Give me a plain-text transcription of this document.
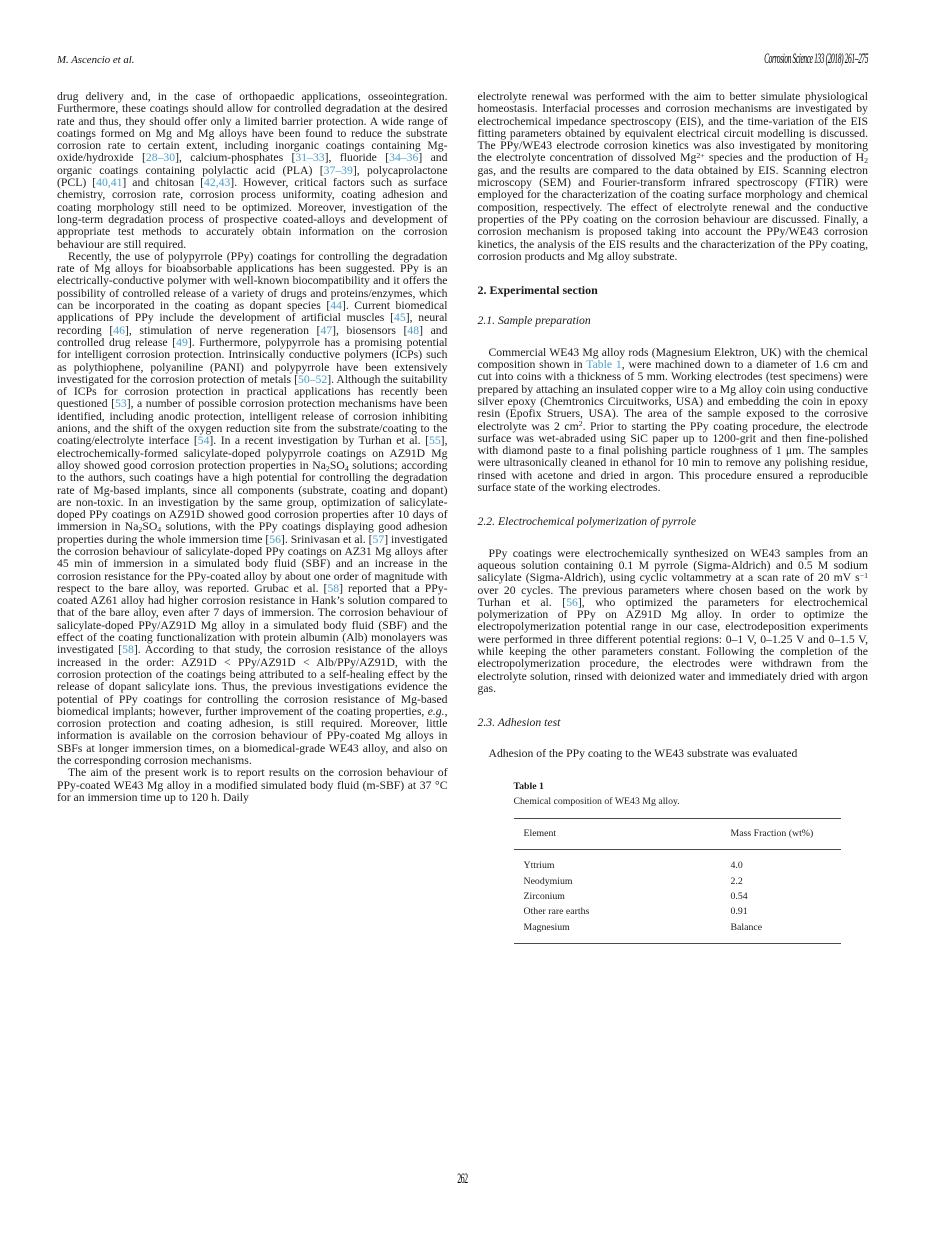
M. Ascencio et al.	Corrosion Science 133 (2018) 261–275

drug delivery and, in the case of orthopaedic applications, osseointegration. Furthermore, these coatings should allow for controlled degradation at the desired rate and thus, they should offer only a limited barrier protection. A wide range of coatings formed on Mg and Mg alloys have been found to reduce the substrate corrosion rate to certain extent, including inorganic coatings containing Mg-oxide/hydroxide [28–30], calcium-phosphates [31–33], fluoride [34–36] and organic coatings containing polylactic acid (PLA) [37–39], polycaprolactone (PCL) [40,41] and chitosan [42,43]. However, critical factors such as surface chemistry, corrosion rate, corrosion process uniformity, coating adhesion and coating morphology still need to be optimized. Moreover, investigation of the long-term degradation process of prospective coated-alloys and development of appropriate test methods to accurately obtain information on the corrosion behaviour are still required.

Recently, the use of polypyrrole (PPy) coatings for controlling the degradation rate of Mg alloys for bioabsorbable applications has been suggested. PPy is an electrically-conductive polymer with well-known biocompatibility and it offers the possibility of controlled release of a variety of drugs and proteins/enzymes, which can be incorporated in the coating as dopant species [44]. Current biomedical applications of PPy include the development of artificial muscles [45], neural recording [46], stimulation of nerve regeneration [47], biosensors [48] and controlled drug release [49]. Furthermore, polypyrrole has a promising potential for intelligent corrosion protection. Intrinsically conductive polymers (ICPs) such as polythiophene, polyaniline (PANI) and polypyrrole have been extensively investigated for the corrosion protection of metals [50–52]. Although the suitability of ICPs for corrosion protection in practical applications has recently been questioned [53], a number of possible corrosion protection mechanisms have been identified, including anodic protection, intelligent release of corrosion inhibiting anions, and the shift of the oxygen reduction site from the substrate/coating to the coating/electrolyte interface [54]. In a recent investigation by Turhan et al. [55], electrochemically-formed salicylate-doped polypyrrole coatings on AZ91D Mg alloy showed good corrosion protection properties in $Na_2SO_4$ solutions; according to the authors, such coatings have a high potential for controlling the degradation rate of Mg-based implants, since all components (substrate, coating and dopant) are non-toxic. In an investigation by the same group, optimization of salicylate-doped PPy coatings on AZ91D showed good corrosion properties after 10 days of immersion in $Na_2SO_4$ solutions, with the PPy coatings displaying good adhesion properties during the whole immersion time [56]. Srinivasan et al. [57] investigated the corrosion behaviour of salicylate-doped PPy coatings on AZ31 Mg alloys after 45 min of immersion in a simulated body fluid (SBF) and an increase in the corrosion resistance for the PPy-coated alloy by about one order of magnitude with respect to the bare alloy, was reported. Grubac et al. [58] reported that a PPy-coated AZ61 alloy had higher corrosion resistance in Hank’s solution compared to that of the bare alloy, even after 7 days of immersion. The corrosion behaviour of salicylate-doped PPy/AZ91D Mg alloy in a simulated body fluid (SBF) and the effect of the coating functionalization with protein albumin (Alb) monolayers was investigated [58]. According to that study, the corrosion resistance of the alloys increased in the order: AZ91D < PPy/AZ91D < Alb/PPy/AZ91D, with the corrosion protection of the coatings being attributed to a self-healing effect by the release of dopant salicylate ions. Thus, the previous investigations evidence the potential of PPy coatings for controlling the corrosion resistance of Mg-based biomedical implants; however, further improvement of the coating properties, e.g., corrosion protection and coating adhesion, is still required. Moreover, little information is available on the corrosion behaviour of PPy-coated Mg alloys in SBFs at longer immersion times, on a biomedical-grade WE43 alloy, and also on the corresponding corrosion mechanisms.

The aim of the present work is to report results on the corrosion behaviour of PPy-coated WE43 Mg alloy in a modified simulated body fluid (m-SBF) at 37 °C for an immersion time up to 120 h. Daily

electrolyte renewal was performed with the aim to better simulate physiological homeostasis. Interfacial processes and corrosion mechanisms are investigated by electrochemical impedance spectroscopy (EIS), and the time-variation of the EIS fitting parameters obtained by equivalent electrical circuit modelling is discussed. The PPy/WE43 electrode corrosion kinetics was also investigated by monitoring the electrolyte concentration of dissolved $Mg^{2+}$ species and the production of $H_2$ gas, and the results are compared to the data obtained by EIS. Scanning electron microscopy (SEM) and Fourier-transform infrared spectroscopy (FTIR) were employed for the characterization of the coating surface morphology and chemical composition, respectively. The effect of electrolyte renewal and the conductive properties of the PPy coating on the corrosion behaviour are discussed. Finally, a corrosion mechanism is proposed taking into account the PPy/WE43 corrosion kinetics, the analysis of the EIS results and the characterization of the PPy coating, corrosion products and Mg alloy substrate.

2. Experimental section
2.1. Sample preparation

Commercial WE43 Mg alloy rods (Magnesium Elektron, UK) with the chemical composition shown in Table 1, were machined down to a diameter of 1.6 cm and cut into coins with a thickness of 5 mm. Working electrodes (test specimens) were prepared by attaching an insulated copper wire to a Mg alloy coin using conductive silver epoxy (Chemtronics Circuitworks, USA) and embedding the coin in epoxy resin (Epofix Struers, USA). The area of the sample exposed to the corrosive electrolyte was 2 $cm^2$. Prior to starting the PPy coating procedure, the electrode surface was wet-abraded using SiC paper up to 1200-grit and then fine-polished with diamond paste to a final polishing particle roughness of 1 μm. The samples were ultrasonically cleaned in ethanol for 10 min to remove any polishing residue, rinsed with acetone and dried in argon. This procedure ensured a reproducible surface state of the working electrodes.

2.2. Electrochemical polymerization of pyrrole

PPy coatings were electrochemically synthesized on WE43 samples from an aqueous solution containing 0.1 M pyrrole (Sigma-Aldrich) and 0.5 M sodium salicylate (Sigma-Aldrich), using cyclic voltammetry at a scan rate of 20 mV $s^{-1}$ over 20 cycles. The previous parameters where chosen based on the work by Turhan et al. [56], who optimized the parameters for electrochemical polymerization of PPy on AZ91D Mg alloy. In order to optimize the electropolymerization potential range in our case, electrodeposition experiments were performed in three different potential regions: 0–1 V, 0–1.25 V and 0–1.5 V, while keeping the other parameters constant. Following the completion of the electropolymerization procedure, the electrodes were withdrawn from the electrolyte solution, rinsed with deionized water and immediately dried with argon gas.

2.3. Adhesion test

Adhesion of the PPy coating to the WE43 substrate was evaluated

Table 1
Chemical composition of WE43 Mg alloy.
Element	Mass Fraction (wt%)
Yttrium	4.0
Neodymium	2.2
Zirconium	0.54
Other rare earths	0.91
Magnesium	Balance
262
